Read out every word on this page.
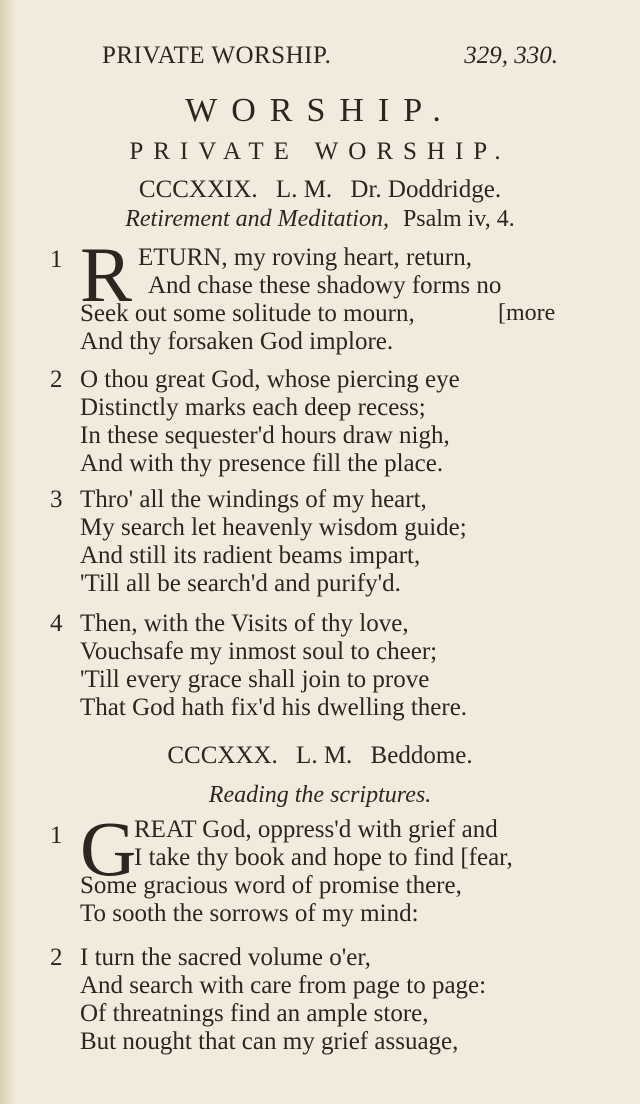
PRIVATE WORSHIP.	329, 330.
WORSHIP.
PRIVATE WORSHIP.
CCCXXIX. L. M. Dr. Doddridge.
Retirement and Meditation, Psalm iv, 4.
1 R ETURN, my roving heart, return,
And chase these shadowy forms no
Seek out some solitude to mourn,	[more
And thy forsaken God implore.
2 O thou great God, whose piercing eye
Distinctly marks each deep recess;
In these sequester'd hours draw nigh,
And with thy presence fill the place.
3 Thro' all the windings of my heart,
My search let heavenly wisdom guide;
And still its radient beams impart,
'Till all be search'd and purify'd.
4 Then, with the Visits of thy love,
Vouchsafe my inmost soul to cheer;
'Till every grace shall join to prove
That God hath fix'd his dwelling there.
CCCXXX. L. M. Beddome.
Reading the scriptures.
1 G
REAT God, oppress'd with grief and
I take thy book and hope to find [fear,
Some gracious word of promise there,
To sooth the sorrows of my mind:
2 I turn the sacred volume o'er,
And search with care from page to page:
Of threatnings find an ample store,
But nought that can my grief assuage,
